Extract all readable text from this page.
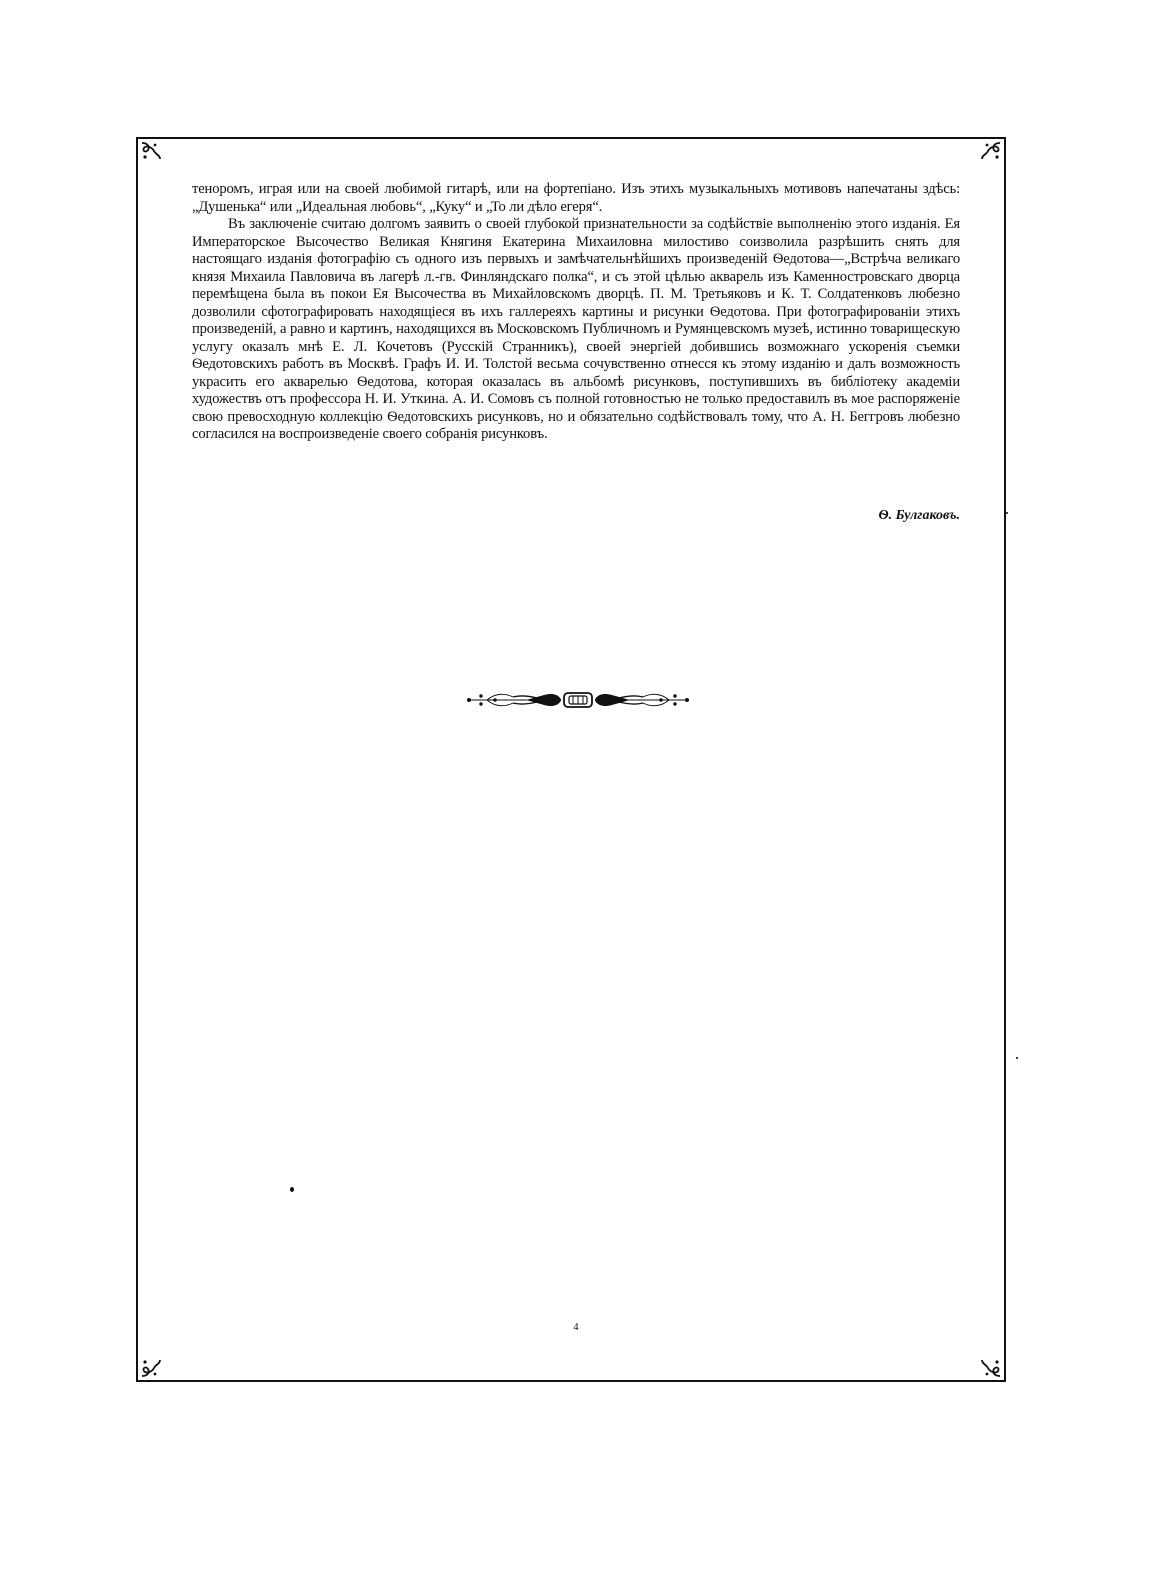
теноромъ, играя или на своей любимой гитарѣ, или на фортепіано. Изъ этихъ музыкальныхъ мотивовъ напечатаны здѣсь: „Душенька“ или „Идеальная любовь“, „Куку“ и „То ли дѣло егеря“.

Въ заключеніе считаю долгомъ заявить о своей глубокой признательности за содѣйствіе выполненію этого изданія. Ея Императорское Высочество Великая Княгиня Екатерина Михаиловна милостиво соизволила разрѣшить снять для настоящаго изданія фотографію съ одного изъ первыхъ и замѣчательнѣйшихъ произведеній Ѳедотова—„Встрѣча великаго князя Михаила Павловича въ лагерѣ л.-гв. Финляндскаго полка“, и съ этой цѣлью акварель изъ Каменностровскаго дворца перемѣщена была въ покои Ея Высочества въ Михайловскомъ дворцѣ. П. М. Третьяковъ и К. Т. Солдатенковъ любезно дозволили сфотографировать находящіеся въ ихъ галлереяхъ картины и рисунки Ѳедотова. При фотографированіи этихъ произведеній, а равно и картинъ, находящихся въ Московскомъ Публичномъ и Румянцевскомъ музеѣ, истинно товарищескую услугу оказалъ мнѣ Е. Л. Кочетовъ (Русскій Странникъ), своей энергіей добившись возможнаго ускоренія съемки Ѳедотовскихъ работъ въ Москвѣ. Графъ И. И. Толстой весьма сочувственно отнесся къ этому изданію и далъ возможность украсить его акварелью Ѳедотова, которая оказалась въ альбомѣ рисунковъ, поступившихъ въ библіотеку академіи художествъ отъ профессора Н. И. Уткина. А. И. Сомовъ съ полной готовностью не только предоставилъ въ мое распоряженіе свою превосходную коллекцію Ѳедотовскихъ рисунковъ, но и обязательно содѣйствовалъ тому, что А. Н. Беггровъ любезно согласился на воспроизведеніе своего собранія рисунковъ.

Ѳ. Булгаковъ.
4
